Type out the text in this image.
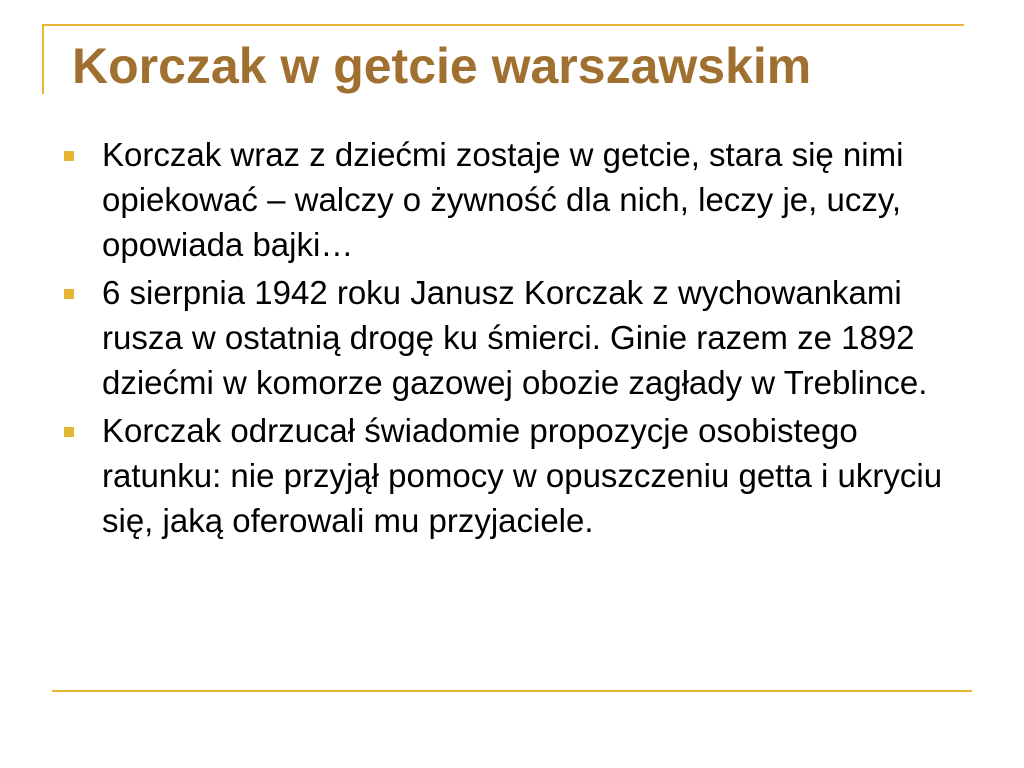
Korczak w getcie warszawskim
Korczak wraz z dziećmi zostaje w getcie, stara się nimi opiekować – walczy o żywność dla nich, leczy je, uczy, opowiada bajki…
6 sierpnia 1942 roku Janusz Korczak z wychowankami rusza w ostatnią drogę ku śmierci. Ginie razem ze 1892 dziećmi w komorze gazowej obozie zagłady w Treblince.
Korczak odrzucał świadomie propozycje osobistego ratunku: nie przyjął pomocy w opuszczeniu getta i ukryciu się, jaką oferowali mu przyjaciele.
